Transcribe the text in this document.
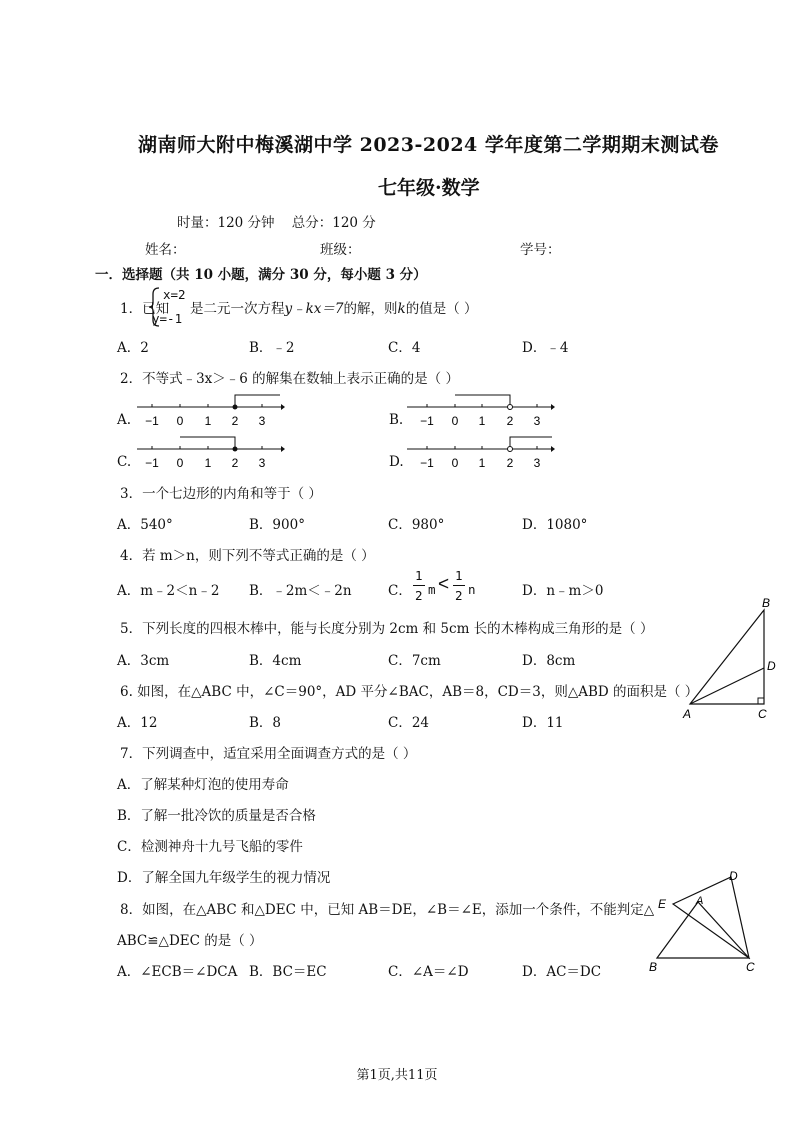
湖南师大附中梅溪湖中学 2023-2024 学年度第二学期期末测试卷
七年级·数学
时量：120 分钟    总分：120 分
姓名：	班级：	学号：
一．选择题（共 10 小题，满分 30 分，每小题 3 分）
1．已知
x=2
y=-1
是二元一次方程y﹣kx＝7的解，则k的值是（ ）
A．2	B．﹣2	C．4	D．﹣4
2．不等式﹣3x＞﹣6 的解集在数轴上表示正确的是（ ）
A. −1 0 1 2 3	B. −1 0 1 2 3
C. −1 0 1 2 3	D. −1 0 1 2 3
3．一个七边形的内角和等于（ ）
A．540°	B．900°	C．980°	D．1080°
4．若 m＞n，则下列不等式正确的是（ ）
A．m﹣2＜n﹣2 B．﹣2m＜﹣2n	C．
1
2 m < 1
2 n	D．n﹣m＞0
5．下列长度的四根木棒中，能与长度分别为 2cm 和 5cm 长的木棒构成三角形的是（ ）
A．3cm	B．4cm	C．7cm	D．8cm
B
D
A	C
6. 如图，在△ABC 中，∠C＝90°，AD 平分∠BAC，AB＝8，CD＝3，则△ABD 的面积是（ ）
A．12	B．8	C．24	D．11
7．下列调查中，适宜采用全面调查方式的是（ ）
A．了解某种灯泡的使用寿命
B．了解一批冷饮的质量是否合格
C．检测神舟十九号飞船的零件
D．了解全国九年级学生的视力情况	D
E	A
B	C
8．如图，在△ABC 和△DEC 中，已知 AB＝DE，∠B＝∠E，添加一个条件，不能判定△
ABC≌△DEC 的是（ ）
A．∠ECB＝∠DCA B．BC＝EC	C．∠A＝∠D	D．AC＝DC
第1页,共11页
